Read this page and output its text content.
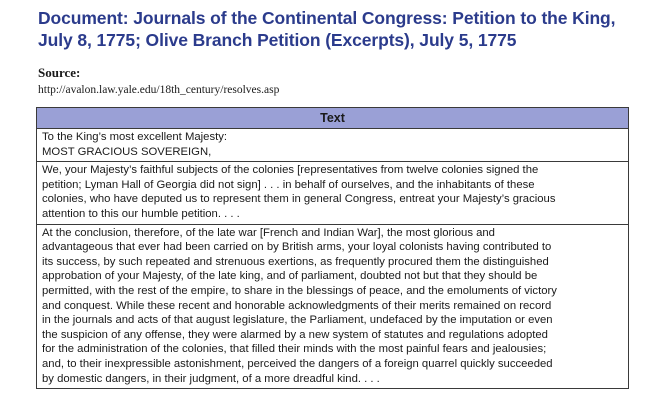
Document: Journals of the Continental Congress: Petition to the King, July 8, 1775; Olive Branch Petition (Excerpts), July 5, 1775

Source:

http://avalon.law.yale.edu/18th_century/resolves.asp

Text

To the King’s most excellent Majesty:
MOST GRACIOUS SOVEREIGN,

We, your Majesty’s faithful subjects of the colonies [representatives from twelve colonies signed the
petition; Lyman Hall of Georgia did not sign] . . . in behalf of ourselves, and the inhabitants of these
colonies, who have deputed us to represent them in general Congress, entreat your Majesty’s gracious
attention to this our humble petition. . . .

At the conclusion, therefore, of the late war [French and Indian War], the most glorious and
advantageous that ever had been carried on by British arms, your loyal colonists having contributed to
its success, by such repeated and strenuous exertions, as frequently procured them the distinguished
approbation of your Majesty, of the late king, and of parliament, doubted not but that they should be
permitted, with the rest of the empire, to share in the blessings of peace, and the emoluments of victory
and conquest. While these recent and honorable acknowledgments of their merits remained on record
in the journals and acts of that august legislature, the Parliament, undefaced by the imputation or even
the suspicion of any offense, they were alarmed by a new system of statutes and regulations adopted
for the administration of the colonies, that filled their minds with the most painful fears and jealousies;
and, to their inexpressible astonishment, perceived the dangers of a foreign quarrel quickly succeeded
by domestic dangers, in their judgment, of a more dreadful kind. . . .
